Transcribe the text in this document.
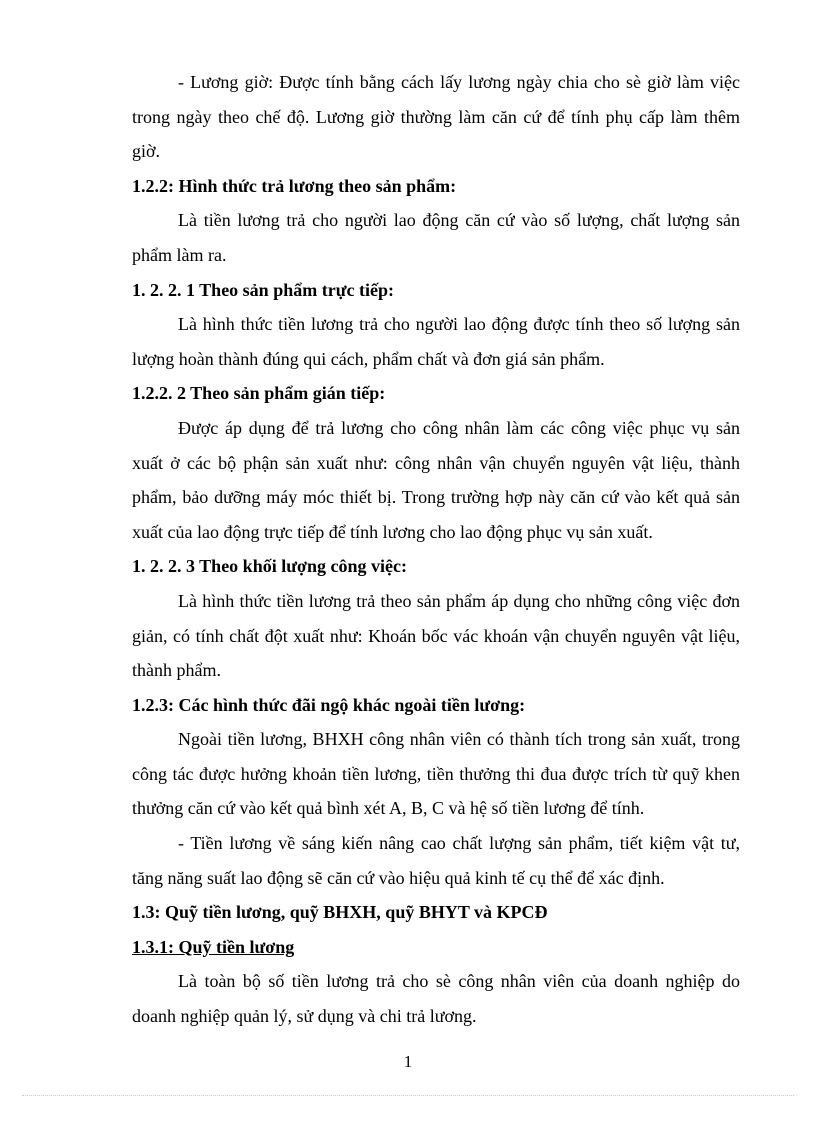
- Lương giờ: Được tính bằng cách lấy lương ngày chia cho sè giờ làm việc trong ngày theo chế độ. Lương giờ thường làm căn cứ để tính phụ cấp làm thêm giờ.

1.2.2: Hình thức trả lương theo sản phẩm:

Là tiền lương trả cho người lao động căn cứ vào số lượng, chất lượng sản phẩm làm ra.

1. 2. 2. 1 Theo sản phẩm trực tiếp:

Là hình thức tiền lương trả cho người lao động được tính theo số lượng sản lượng hoàn thành đúng qui cách, phẩm chất và đơn giá sản phẩm.

1.2.2. 2 Theo sản phẩm gián tiếp:

Được áp dụng để trả lương cho công nhân làm các công việc phục vụ sản xuất ở các bộ phận sản xuất như: công nhân vận chuyển nguyên vật liệu, thành phẩm, bảo dưỡng máy móc thiết bị. Trong trường hợp này căn cứ vào kết quả sản xuất của lao động trực tiếp để tính lương cho lao động phục vụ sản xuất.

1. 2. 2. 3 Theo khối lượng công việc:

Là hình thức tiền lương trả theo sản phẩm áp dụng cho những công việc đơn giản, có tính chất đột xuất như: Khoán bốc vác khoán vận chuyển nguyên vật liệu, thành phẩm.

1.2.3: Các hình thức đãi ngộ khác ngoài tiền lương:

Ngoài tiền lương, BHXH công nhân viên có thành tích trong sản xuất, trong công tác được hưởng khoản tiền lương, tiền thưởng thi đua được trích từ quỹ khen thưởng căn cứ vào kết quả bình xét A, B, C và hệ số tiền lương để tính.

- Tiền lương về sáng kiến nâng cao chất lượng sản phẩm, tiết kiệm vật tư, tăng năng suất lao động sẽ căn cứ vào hiệu quả kinh tế cụ thể để xác định.

1.3: Quỹ tiền lương, quỹ BHXH, quỹ BHYT và KPCĐ

1.3.1: Quỹ tiền lương

Là toàn bộ số tiền lương trả cho sè công nhân viên của doanh nghiệp do doanh nghiệp quản lý, sử dụng và chi trả lương.

1
